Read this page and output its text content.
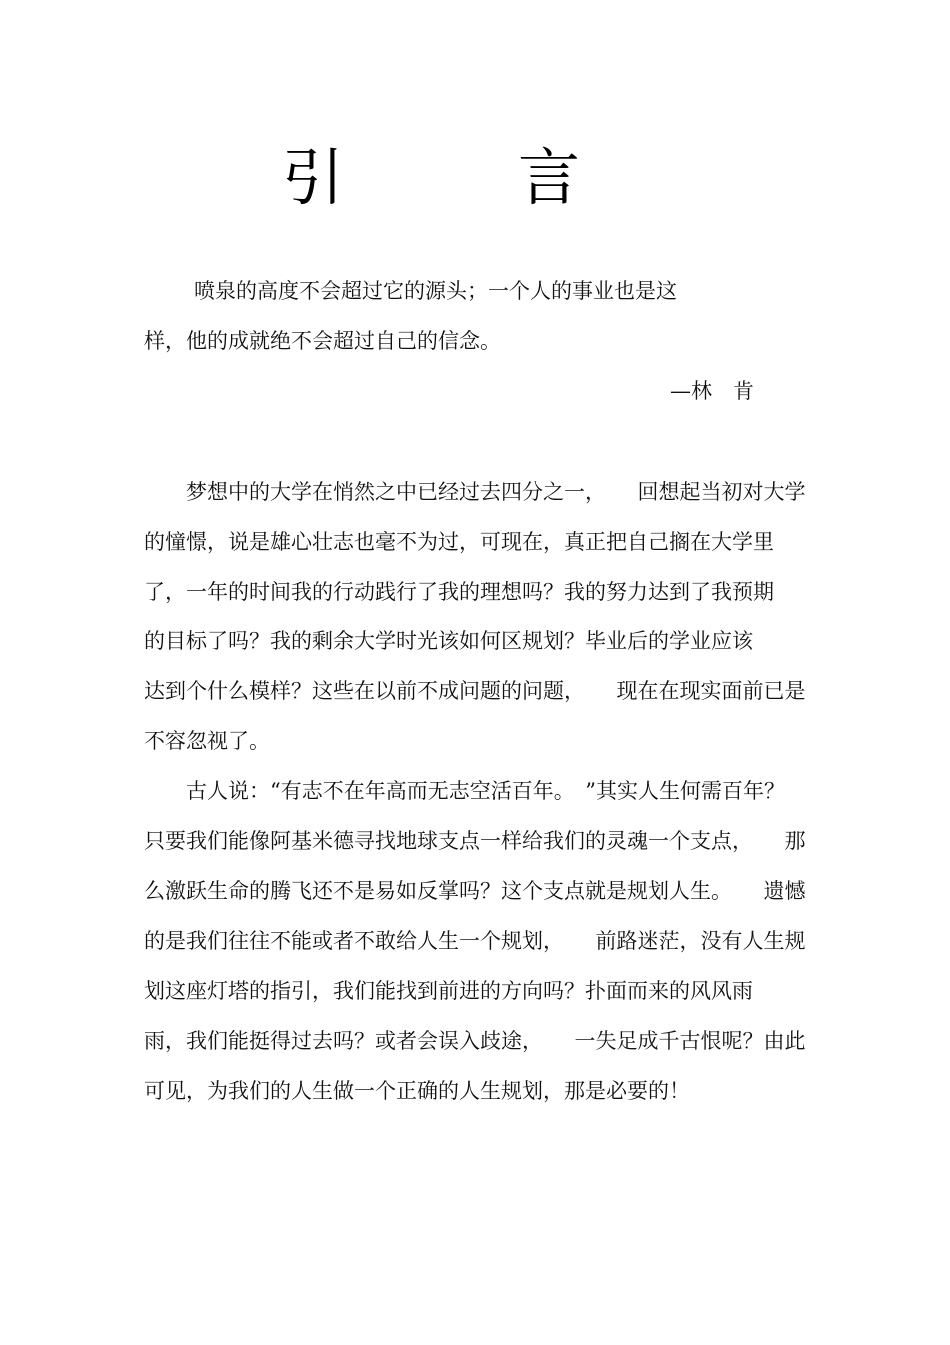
引	言
喷泉的高度不会超过它的源头；一个人的事业也是这
样，他的成就绝不会超过自己的信念。
—林　肯
梦想中的大学在悄然之中已经过去四分之一，　　回想起当初对大学
的憧憬，说是雄心壮志也毫不为过，可现在，真正把自己搁在大学里
了，一年的时间我的行动践行了我的理想吗？我的努力达到了我预期
的目标了吗？我的剩余大学时光该如何区规划？毕业后的学业应该
达到个什么模样？这些在以前不成问题的问题，　　现在在现实面前已是
不容忽视了。
古人说：“有志不在年高而无志空活百年。　”其实人生何需百年？
只要我们能像阿基米德寻找地球支点一样给我们的灵魂一个支点，　　那
么激跃生命的腾飞还不是易如反掌吗？这个支点就是规划人生。　　遗憾
的是我们往往不能或者不敢给人生一个规划，　　前路迷茫，没有人生规
划这座灯塔的指引，我们能找到前进的方向吗？扑面而来的风风雨
雨，我们能挺得过去吗？或者会误入歧途，　　一失足成千古恨呢？由此
可见，为我们的人生做一个正确的人生规划，那是必要的！
